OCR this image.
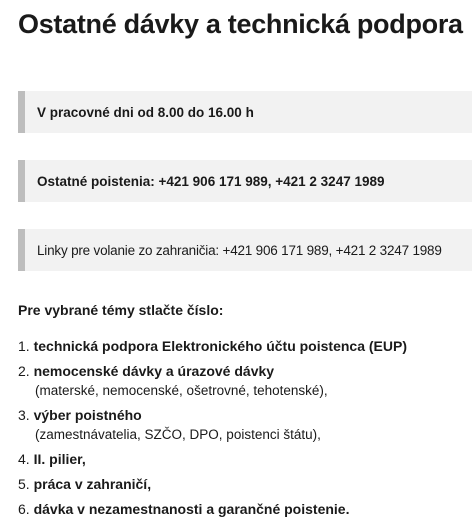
Ostatné dávky a technická podpora
V pracovné dni od 8.00 do 16.00 h
Ostatné poistenia: +421 906 171 989, +421 2 3247 1989
Linky pre volanie zo zahraničia: +421 906 171 989, +421 2 3247 1989

Pre vybrané témy stlačte číslo:

1. technická podpora Elektronického účtu poistenca (EUP)
2. nemocenské dávky a úrazové dávky
(materské, nemocenské, ošetrovné, tehotenské),
3. výber poistného
(zamestnávatelia, SZČO, DPO, poistenci štátu),
4. II. pilier,
5. práca v zahraničí,
6. dávka v nezamestnanosti a garančné poistenie.
